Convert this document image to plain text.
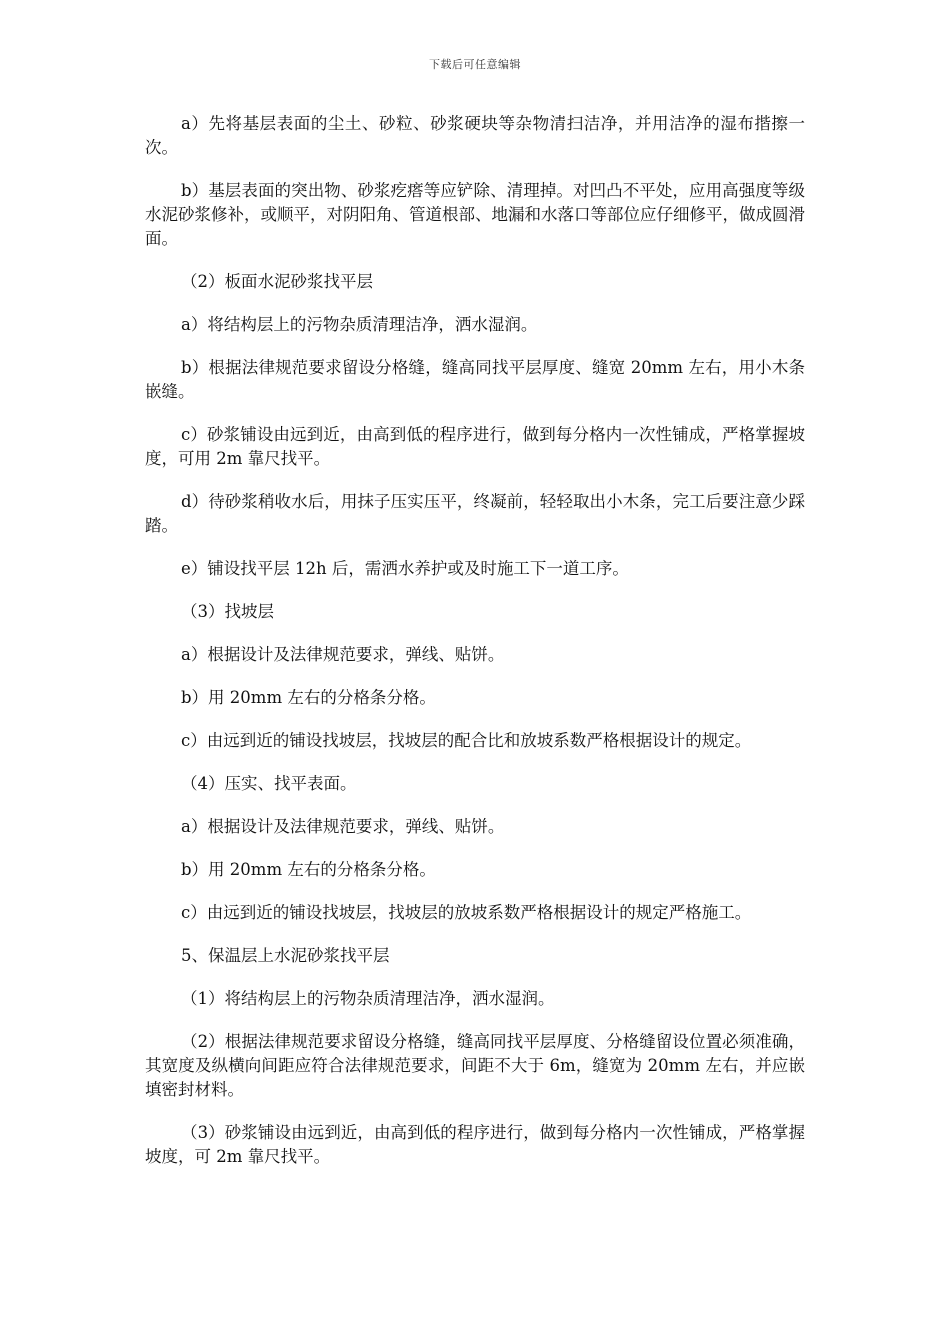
下载后可任意编辑

a）先将基层表面的尘土、砂粒、砂浆硬块等杂物清扫洁净，并用洁净的湿布揩擦一次。

b）基层表面的突出物、砂浆疙瘩等应铲除、清理掉。对凹凸不平处，应用高强度等级水泥砂浆修补，或顺平，对阴阳角、管道根部、地漏和水落口等部位应仔细修平，做成圆滑面。

（2）板面水泥砂浆找平层

a）将结构层上的污物杂质清理洁净，洒水湿润。

b）根据法律规范要求留设分格缝，缝高同找平层厚度、缝宽 20mm 左右，用小木条嵌缝。

c）砂浆铺设由远到近，由高到低的程序进行，做到每分格内一次性铺成，严格掌握坡度，可用 2m 靠尺找平。

d）待砂浆稍收水后，用抹子压实压平，终凝前，轻轻取出小木条，完工后要注意少踩踏。

e）铺设找平层 12h 后，需洒水养护或及时施工下一道工序。

（3）找坡层

a）根据设计及法律规范要求，弹线、贴饼。

b）用 20mm 左右的分格条分格。

c）由远到近的铺设找坡层，找坡层的配合比和放坡系数严格根据设计的规定。

（4）压实、找平表面。

a）根据设计及法律规范要求，弹线、贴饼。

b）用 20mm 左右的分格条分格。

c）由远到近的铺设找坡层，找坡层的放坡系数严格根据设计的规定严格施工。

5、保温层上水泥砂浆找平层

（1）将结构层上的污物杂质清理洁净，洒水湿润。

（2）根据法律规范要求留设分格缝，缝高同找平层厚度、分格缝留设位置必须准确，其宽度及纵横向间距应符合法律规范要求，间距不大于 6m，缝宽为 20mm 左右，并应嵌填密封材料。

（3）砂浆铺设由远到近，由高到低的程序进行，做到每分格内一次性铺成，严格掌握坡度，可 2m 靠尺找平。
